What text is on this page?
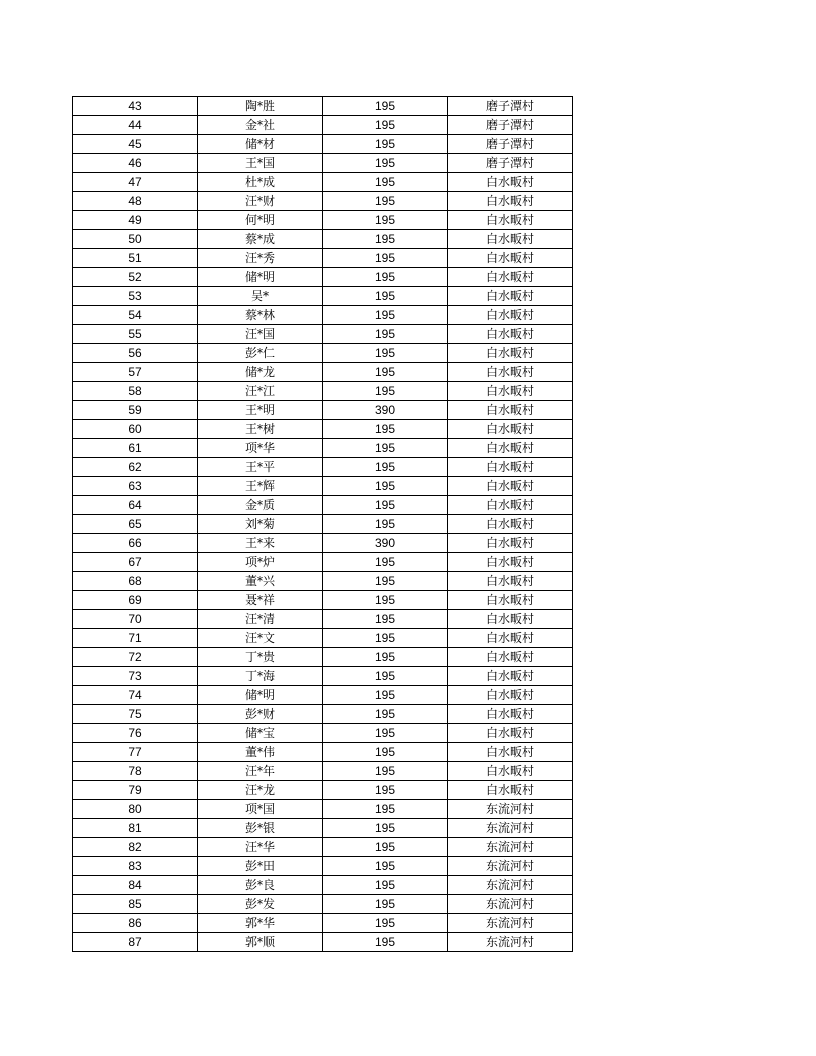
43	陶*胜	195	磨子潭村
44	金*社	195	磨子潭村
45	储*材	195	磨子潭村
46	王*国	195	磨子潭村
47	杜*成	195	白水畈村
48	汪*财	195	白水畈村
49	何*明	195	白水畈村
50	蔡*成	195	白水畈村
51	汪*秀	195	白水畈村
52	储*明	195	白水畈村
53	吴*	195	白水畈村
54	蔡*林	195	白水畈村
55	汪*国	195	白水畈村
56	彭*仁	195	白水畈村
57	储*龙	195	白水畈村
58	汪*江	195	白水畈村
59	王*明	390	白水畈村
60	王*树	195	白水畈村
61	项*华	195	白水畈村
62	王*平	195	白水畈村
63	王*辉	195	白水畈村
64	金*质	195	白水畈村
65	刘*菊	195	白水畈村
66	王*来	390	白水畈村
67	项*炉	195	白水畈村
68	董*兴	195	白水畈村
69	聂*祥	195	白水畈村
70	汪*清	195	白水畈村
71	汪*文	195	白水畈村
72	丁*贵	195	白水畈村
73	丁*海	195	白水畈村
74	储*明	195	白水畈村
75	彭*财	195	白水畈村
76	储*宝	195	白水畈村
77	董*伟	195	白水畈村
78	汪*年	195	白水畈村
79	汪*龙	195	白水畈村
80	项*国	195	东流河村
81	彭*银	195	东流河村
82	汪*华	195	东流河村
83	彭*田	195	东流河村
84	彭*良	195	东流河村
85	彭*发	195	东流河村
86	郭*华	195	东流河村
87	郭*顺	195	东流河村
